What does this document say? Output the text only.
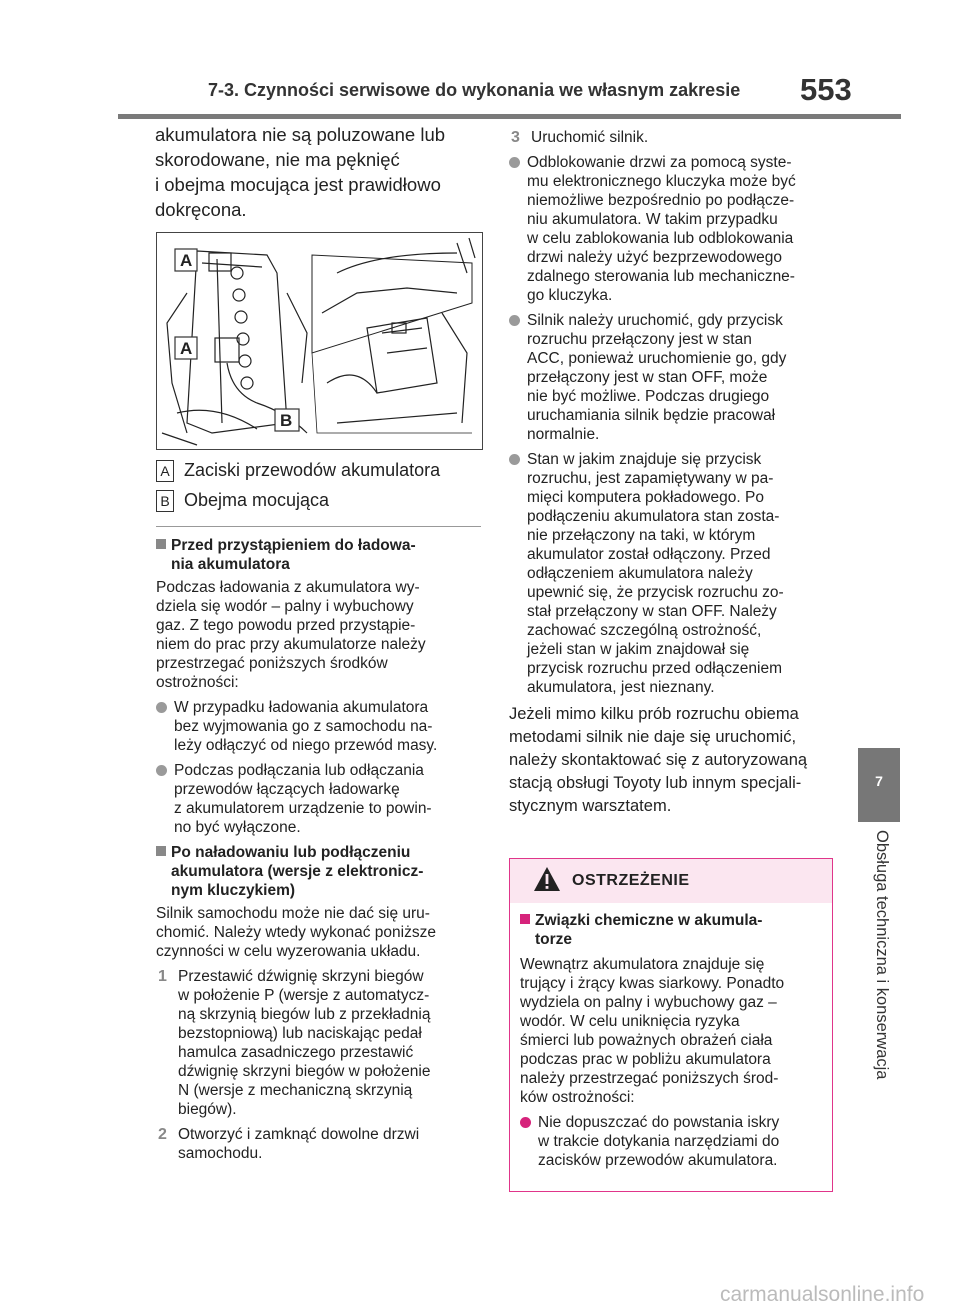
7-3. Czynności serwisowe do wykonania we własnym zakresie 553
7
Obsługa techniczna i konserwacja

akumulatora nie są poluzowane lub

skorodowane, nie ma pęknięć

i obejma mocująca jest prawidłowo

dokręcona.

A
A
B
A Zaciski przewodów akumulatora
B Obejma mocująca

Przed przystąpieniem do ładowa-

nia akumulatora

Podczas ładowania z akumulatora wy-

dziela się wodór – palny i wybuchowy

gaz. Z tego powodu przed przystąpie-

niem do prac przy akumulatorze należy

przestrzegać poniższych środków

ostrożności:

W przypadku ładowania akumulatora

bez wyjmowania go z samochodu na-

leży odłączyć od niego przewód masy.

Podczas podłączania lub odłączania

przewodów łączących ładowarkę

z akumulatorem urządzenie to powin-

no być wyłączone.

Po naładowaniu lub podłączeniu

akumulatora (wersje z elektronicz-

nym kluczykiem)

Silnik samochodu może nie dać się uru-

chomić. Należy wtedy wykonać poniższe

czynności w celu wyzerowania układu.

1 Przestawić dźwignię skrzyni biegów

w położenie P (wersje z automatycz-

ną skrzynią biegów lub z przekładnią

bezstopniową) lub naciskając pedał

hamulca zasadniczego przestawić

dźwignię skrzyni biegów w położenie

N (wersje z mechaniczną skrzynią

biegów).

2 Otworzyć i zamknąć dowolne drzwi

samochodu.

3 Uruchomić silnik.

Odblokowanie drzwi za pomocą syste-

mu elektronicznego kluczyka może być

niemożliwe bezpośrednio po podłącze-

niu akumulatora. W takim przypadku

w celu zablokowania lub odblokowania

drzwi należy użyć bezprzewodowego

zdalnego sterowania lub mechaniczne-

go kluczyka.

Silnik należy uruchomić, gdy przycisk

rozruchu przełączony jest w stan

ACC, ponieważ uruchomienie go, gdy

przełączony jest w stan OFF, może

nie być możliwe. Podczas drugiego

uruchamiania silnik będzie pracował

normalnie.

Stan w jakim znajduje się przycisk

rozruchu, jest zapamiętywany w pa-

mięci komputera pokładowego. Po

podłączeniu akumulatora stan zosta-

nie przełączony na taki, w którym

akumulator został odłączony. Przed

odłączeniem akumulatora należy

upewnić się, że przycisk rozruchu zo-

stał przełączony w stan OFF. Należy

zachować szczególną ostrożność,

jeżeli stan w jakim znajdował się

przycisk rozruchu przed odłączeniem

akumulatora, jest nieznany.

Jeżeli mimo kilku prób rozruchu obiema

metodami silnik nie daje się uruchomić,

należy skontaktować się z autoryzowaną

stacją obsługi Toyoty lub innym specjali-

stycznym warsztatem.

OSTRZEŻENIE

Związki chemiczne w akumula-

torze

Wewnątrz akumulatora znajduje się

trujący i żrący kwas siarkowy. Ponadto

wydziela on palny i wybuchowy gaz –

wodór. W celu uniknięcia ryzyka

śmierci lub poważnych obrażeń ciała

podczas prac w pobliżu akumulatora

należy przestrzegać poniższych środ-

ków ostrożności:

Nie dopuszczać do powstania iskry

w trakcie dotykania narzędziami do

zacisków przewodów akumulatora.

carmanualsonline.info
